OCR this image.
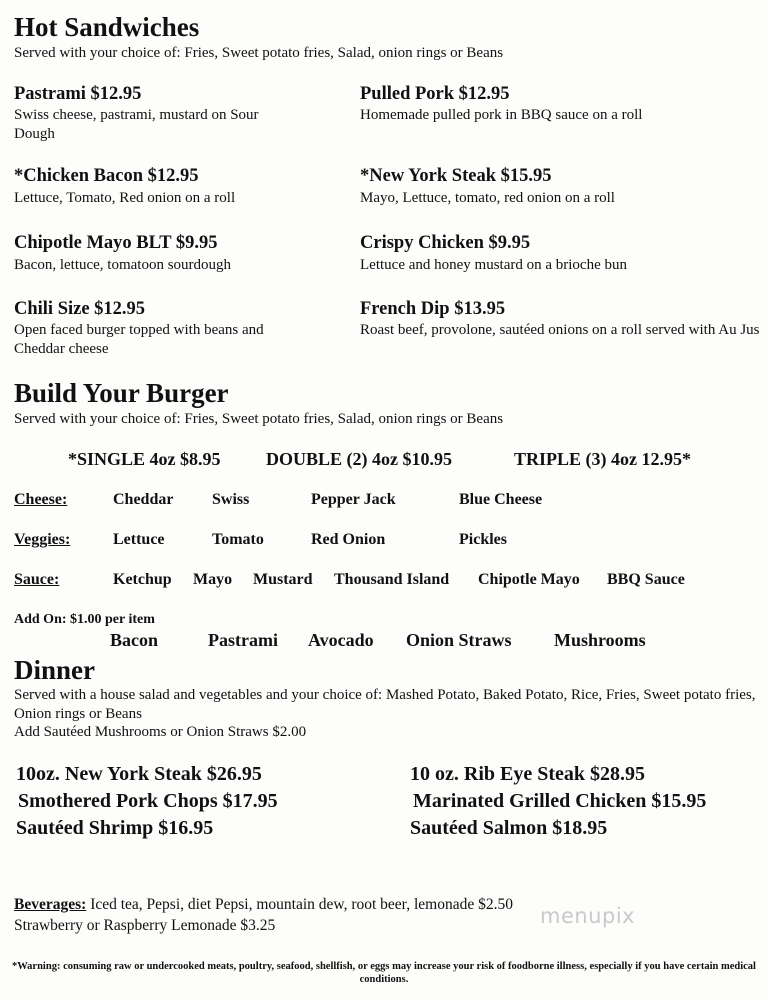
Hot Sandwiches
Served with your choice of: Fries, Sweet potato fries, Salad, onion rings or Beans
Pastrami $12.95
Swiss cheese, pastrami, mustard on Sour Dough
*Chicken Bacon $12.95
Lettuce, Tomato, Red onion on a roll
Chipotle Mayo BLT $9.95
Bacon, lettuce, tomatoon sourdough
Chili Size $12.95
Open faced burger topped with beans and Cheddar cheese
Pulled Pork $12.95
Homemade pulled pork in BBQ sauce on a roll
*New York Steak $15.95
Mayo, Lettuce, tomato, red onion on a roll
Crispy Chicken $9.95
Lettuce and honey mustard on a brioche bun
French Dip $13.95
Roast beef, provolone, sautéed onions on a roll served with Au Jus
Build Your Burger
Served with your choice of: Fries, Sweet potato fries, Salad, onion rings or Beans
*SINGLE 4oz $8.95	DOUBLE (2) 4oz $10.95	TRIPLE (3) 4oz 12.95*
Cheese:	Cheddar Swiss	Pepper Jack	Blue Cheese
Veggies:	Lettuce	Tomato	Red Onion	Pickles
Sauce:	Ketchup Mayo Mustard Thousand Island Chipotle Mayo BBQ Sauce
Add On: $1.00 per item
Bacon	Pastrami Avocado Onion Straws Mushrooms
Dinner
Served with a house salad and vegetables and your choice of: Mashed Potato, Baked Potato, Rice, Fries, Sweet potato fries, Onion rings or Beans
Add Sautéed Mushrooms or Onion Straws $2.00
10oz. New York Steak $26.95	10 oz. Rib Eye Steak $28.95
Smothered Pork Chops $17.95	Marinated Grilled Chicken $15.95
Sautéed Shrimp $16.95	Sautéed Salmon $18.95
Beverages: Iced tea, Pepsi, diet Pepsi, mountain dew, root beer, lemonade $2.50
Strawberry or Raspberry Lemonade $3.25	menupix
*Warning: consuming raw or undercooked meats, poultry, seafood, shellfish, or eggs may increase your risk of foodborne illness, especially if you have certain medical conditions.
